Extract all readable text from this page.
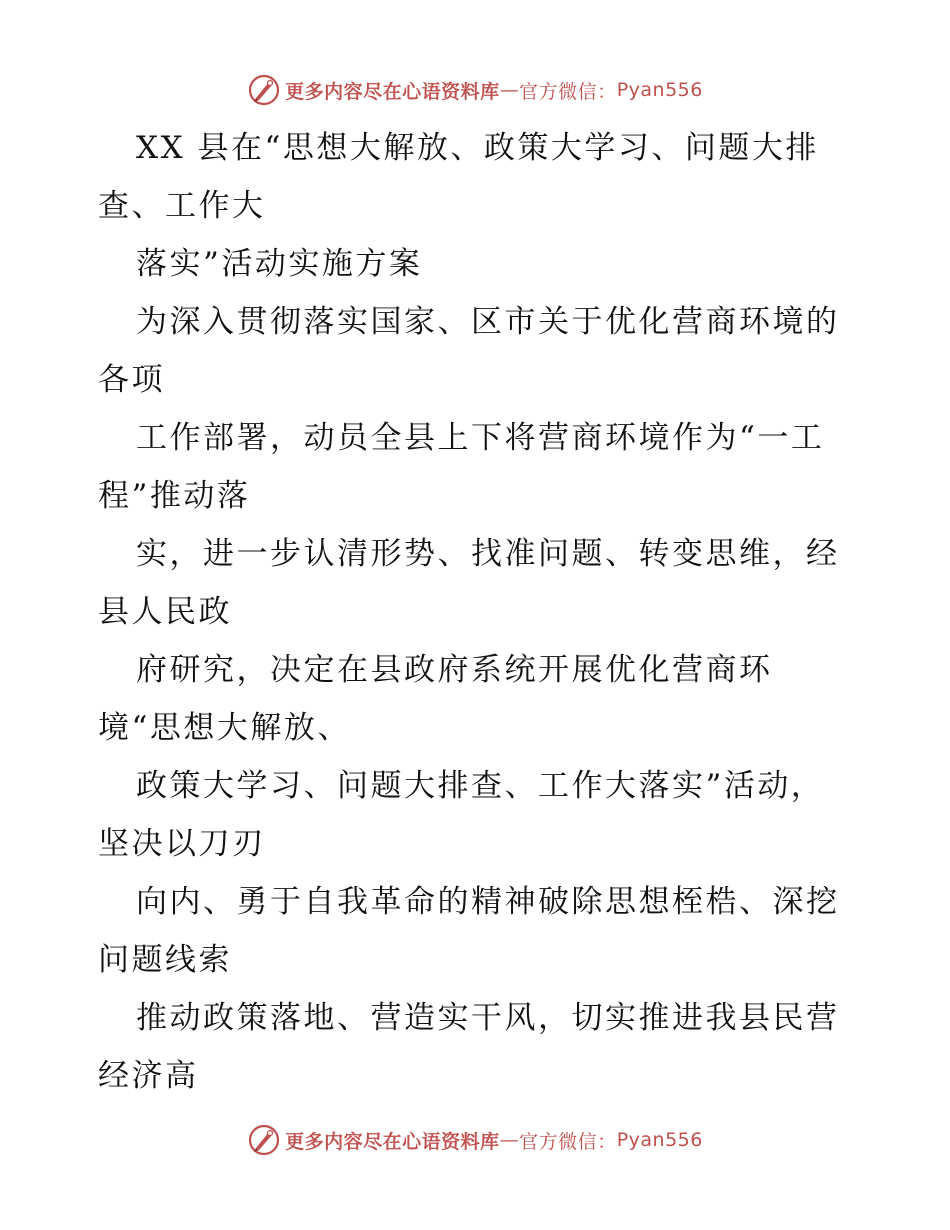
更多内容尽在心语资料库 — 官方微信： Pyan556
XX 县在“思想大解放、政策大学习、问题大排
查、工作大
落实”活动实施方案
为深入贯彻落实国家、区市关于优化营商环境的
各项
工作部署，动员全县上下将营商环境作为“一工
程”推动落
实，进一步认清形势、找准问题、转变思维，经
县人民政
府研究，决定在县政府系统开展优化营商环
境“思想大解放、
政策大学习、问题大排查、工作大落实”活动，
坚决以刀刃
向内、勇于自我革命的精神破除思想桎梏、深挖
问题线索
推动政策落地、营造实干风，切实推进我县民营
经济高
更多内容尽在心语资料库 — 官方微信： Pyan556
